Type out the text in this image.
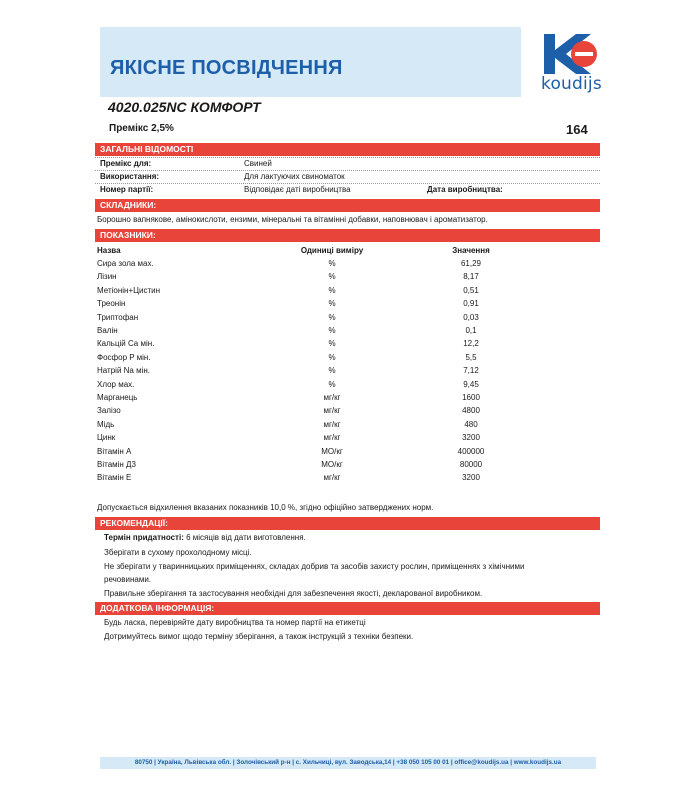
ЯКІСНЕ ПОСВІДЧЕННЯ
koudijs
4020.025NC КОМФОРТ
Премікс 2,5%	164
ЗАГАЛЬНІ ВІДОМОСТІ
Премікс для:	Свиней
Використання:	Для лактуючих свиноматок
Номер партії:	Відповідає даті виробництва	Дата виробництва:
СКЛАДНИКИ:
Борошно вапнякове, амінокислоти, ензими, мінеральні та вітамінні добавки, наповнювач і ароматизатор.
ПОКАЗНИКИ:
Назва	Одиниці виміру	Значення
Сира зола мах.	%	61,29
Лізин	%	8,17
Метіонін+Цистин	%	0,51
Треонін	%	0,91
Триптофан	%	0,03
Валін	%	0,1
Кальцій Ca мін.	%	12,2
Фосфор P мін.	%	5,5
Натрій Na мін.	%	7,12
Хлор мах.	%	9,45
Марганець	мг/кг	1600
Залізо	мг/кг	4800
Мідь	мг/кг	480
Цинк	мг/кг	3200
Вітамін А	МО/кг	400000
Вітамін Д3	МО/кг	80000
Вітамін Е	мг/кг	3200
Допускається відхилення вказаних показників 10,0 %, згідно офіційно затверджених норм.
РЕКОМЕНДАЦІЇ:
Термін придатності: 6 місяців від дати виготовлення.
Зберігати в сухому прохолодному місці.
Не зберігати у тваринницьких приміщеннях, складах добрив та засобів захисту рослин, приміщеннях з хімічними
речовинами.
Правильне зберігання та застосування необхідні для забезпечення якості, декларованої виробником.
ДОДАТКОВА ІНФОРМАЦІЯ:
Будь ласка, перевіряйте дату виробництва та номер партії на етикетці
Дотримуйтесь вимог щодо терміну зберігання, а також інструкцій з техніки безпеки.
80750 | Україна, Львівська обл. | Золочівський р-н | с. Хильчиці, вул. Заводська,14 | +38 050 105 00 01 | office@koudijs.ua | www.koudijs.ua
